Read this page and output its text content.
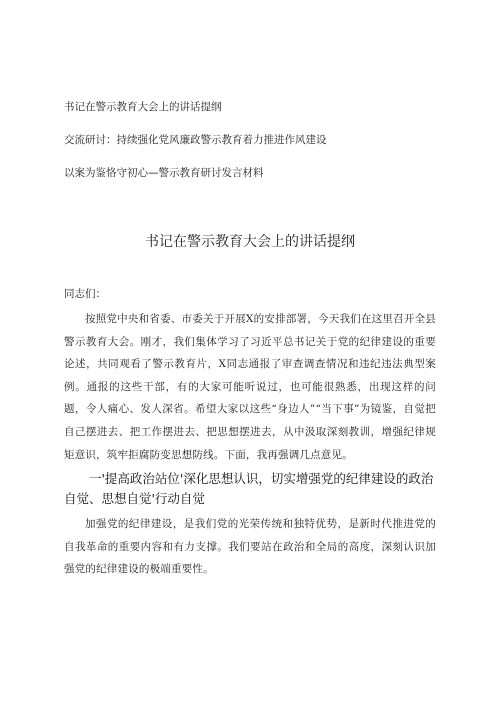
书记在警示教育大会上的讲话提纲
交流研讨：持续强化党风廉政警示教育着力推进作风建设
以案为鉴恪守初心—警示教育研讨发言材料
书记在警示教育大会上的讲话提纲
同志们：

按照党中央和省委、市委关于开展X的安排部署，今天我们在这里召开全县警示教育大会。刚才，我们集体学习了习近平总书记关于党的纪律建设的重要论述，共同观看了警示教育片，X同志通报了审查调查情况和违纪违法典型案例。通报的这些干部，有的大家可能听说过，也可能很熟悉，出现这样的问题，令人痛心、发人深省。希望大家以这些“身边人”“当下事”为镜鉴，自觉把自己摆进去、把工作摆进去、把思想摆进去，从中汲取深刻教训，增强纪律规矩意识，筑牢拒腐防变思想防线。下面，我再强调几点意见。

一'提高政治站位'深化思想认识，切实增强党的纪律建设的政治自觉、思想自觉'行动自觉

加强党的纪律建设，是我们党的光荣传统和独特优势，是新时代推进党的自我革命的重要内容和有力支撑。我们要站在政治和全局的高度，深刻认识加强党的纪律建设的极端重要性。
